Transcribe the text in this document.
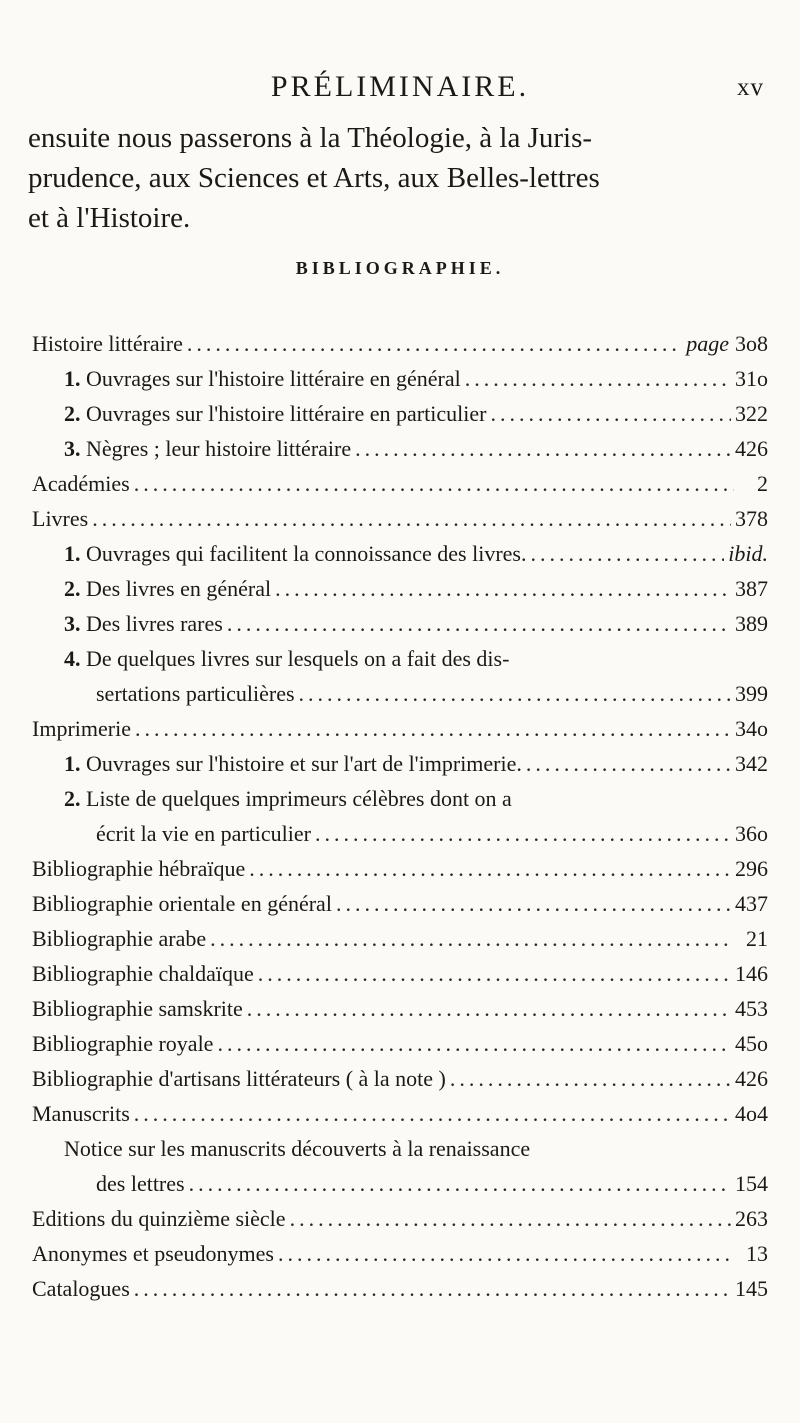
PRÉLIMINAIRE.	xv
ensuite nous passerons à la Théologie, à la Juris-
prudence, aux Sciences et Arts, aux Belles-lettres
et à l'Histoire.
BIBLIOGRAPHIE.
Histoire littéraire .....	page 3o8
1. Ouvrages sur l'histoire littéraire en général .....	31o
2. Ouvrages sur l'histoire littéraire en particulier .....	322
3. Nègres ; leur histoire littéraire .....	426
Académies .....	2
Livres .....	378
1. Ouvrages qui facilitent la connoissance des livres. .....	ibid.
2. Des livres en général .....	387
3. Des livres rares .....	389
4. De quelques livres sur lesquels on a fait des dis-
sertations particulières .....	399
Imprimerie .....	34o
1. Ouvrages sur l'histoire et sur l'art de l'imprimerie. .....	342
2. Liste de quelques imprimeurs célèbres dont on a
écrit la vie en particulier .....	36o
Bibliographie hébraïque .....	296
Bibliographie orientale en général .....	437
Bibliographie arabe .....	21
Bibliographie chaldaïque .....	146
Bibliographie samskrite .....	453
Bibliographie royale .....	45o
Bibliographie d'artisans littérateurs ( à la note ) .....	426
Manuscrits .....	4o4
Notice sur les manuscrits découverts à la renaissance
des lettres .....	154
Editions du quinzième siècle .....	263
Anonymes et pseudonymes .....	13
Catalogues .....	145
